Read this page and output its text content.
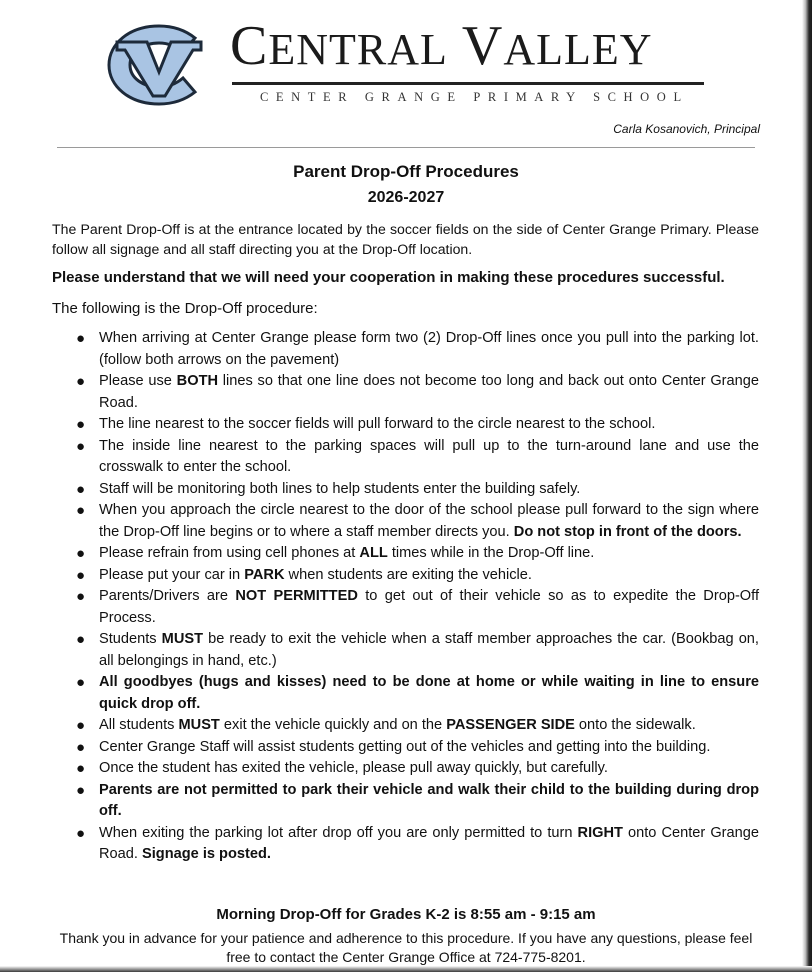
CENTRAL VALLEY
CENTER GRANGE PRIMARY SCHOOL
Carla Kosanovich, Principal
Parent Drop-Off Procedures
2026-2027
The Parent Drop-Off is at the entrance located by the soccer fields on the side of Center Grange Primary. Please follow all signage and all staff directing you at the Drop-Off location.
Please understand that we will need your cooperation in making these procedures successful.
The following is the Drop-Off procedure:
● When arriving at Center Grange please form two (2) Drop-Off lines once you pull into the parking lot. (follow both arrows on the pavement)
● Please use BOTH lines so that one line does not become too long and back out onto Center Grange Road.
● The line nearest to the soccer fields will pull forward to the circle nearest to the school.
● The inside line nearest to the parking spaces will pull up to the turn-around lane and use the crosswalk to enter the school.
● Staff will be monitoring both lines to help students enter the building safely.
● When you approach the circle nearest to the door of the school please pull forward to the sign where the Drop-Off line begins or to where a staff member directs you. Do not stop in front of the doors.
● Please refrain from using cell phones at ALL times while in the Drop-Off line.
● Please put your car in PARK when students are exiting the vehicle.
● Parents/Drivers are NOT PERMITTED to get out of their vehicle so as to expedite the Drop-Off Process.
● Students MUST be ready to exit the vehicle when a staff member approaches the car. (Bookbag on, all belongings in hand, etc.)
● All goodbyes (hugs and kisses) need to be done at home or while waiting in line to ensure quick drop off.
● All students MUST exit the vehicle quickly and on the PASSENGER SIDE onto the sidewalk.
● Center Grange Staff will assist students getting out of the vehicles and getting into the building.
● Once the student has exited the vehicle, please pull away quickly, but carefully.
● Parents are not permitted to park their vehicle and walk their child to the building during drop off.
● When exiting the parking lot after drop off you are only permitted to turn RIGHT onto Center Grange Road. Signage is posted.
Morning Drop-Off for Grades K-2 is 8:55 am - 9:15 am
Thank you in advance for your patience and adherence to this procedure. If you have any questions, please feel free to contact the Center Grange Office at 724-775-8201.
